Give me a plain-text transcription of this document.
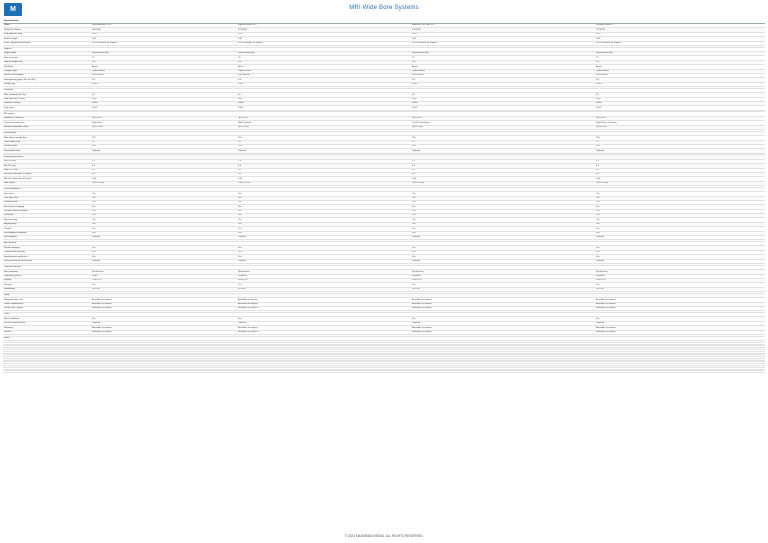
M	MRI Wide Bore Systems
Specifications				
Model	Signa Architect 3.0T	Ingenia Elition 3.0T	MAGNETOM Vida 3.0T	Vantage Galan 3T
510(k) No./Status	K161000	K171904	K162280	K173023
FDA approval date	2016	2017	2016	2017
Field strength	3.0T	3.0T	3.0T	3.0T
Initial Suggested retail price	Price available on request	Price available on request	Price available on request	Price available on request

Magnet				
Magnet type	Superconducting	Superconducting	Superconducting	Superconducting
Bore size (cm)	70	70	70	71
Magnet length (cm)	178	162	163	157
Shielding	Active	Active	Active	Active
Cryogen type	Liquid helium	Liquid helium	Liquid helium	Liquid helium
Helium consumption	Zero boil-off	Zero boil-off	Zero boil-off	Zero boil-off
Homogeneity (ppm, 40 cm DSV)	0.5	0.5	0.5	0.5
Weight (kg)	6,600	5,100	6,360	5,600

Gradients				
Max amplitude (mT/m)	50	45	60	45
Max slew rate (T/m/s)	200	200	200	200
Gradient cooling	Water	Water	Water	Water
Duty cycle	100%	100%	100%	100%

RF system				
Number of channels	Up to 128	Up to 128	Up to 128	Up to 128
Transmit architecture	Multi-drive	MultiTransmit	TimTX TrueShape	Multi-Phase Transmit
Receive bandwidth (kHz)	Up to 1000	Up to 1000	Up to 1000	Up to 1000

Patient table				
Max patient weight (kg)	227	250	250	250
Table width (cm)	75	70	70	72
Vertical travel	Yes	Yes	Yes	Yes
Removable table	Optional	Optional	Optional	Optional

Imaging parameters				
Min TR (ms)	1.3	1.4	1.3	1.5
Min TE (ms)	0.4	0.5	0.4	0.6
Max FOV (cm)	50	55	50	50
Min slice thickness 2D (mm)	0.1	0.1	0.1	0.1
Min slice thickness 3D (mm)	0.05	0.05	0.05	0.05
Max matrix	1024 x 1024	1024 x 1024	1024 x 1024	1024 x 1024

Pulse sequences				
Spin echo	Yes	Yes	Yes	Yes
Fast spin echo	Yes	Yes	Yes	Yes
Gradient echo	Yes	Yes	Yes	Yes
Echo planar imaging	Yes	Yes	Yes	Yes
Diffusion tensor imaging	Yes	Yes	Yes	Yes
Perfusion	Yes	Yes	Yes	Yes
Spectroscopy	Yes	Yes	Yes	Yes
Angiography	Yes	Yes	Yes	Yes
Cardiac	Yes	Yes	Yes	Yes
Susceptibility weighted	Yes	Yes	Yes	Yes
Elastography	Optional	Optional	Optional	Optional

Acceleration				
Parallel imaging	Yes	Yes	Yes	Yes
Compressed sensing	Yes	Yes	Yes	Yes
Simultaneous multi-slice	Yes	Yes	Yes	Yes
Deep learning reconstruction	Optional	Optional	Optional	Optional

Operator console				
Host computer	Workstation	Workstation	Workstation	Workstation
Operating system	Linux	Windows	Windows	Windows
Display	24 in LCD	24 in LCD	24 in LCD	24 in LCD
Storage	Yes	Yes	Yes	Yes
Networking	DICOM	DICOM	DICOM	DICOM

Siting				
Minimum room size	Available on request	Available on request	Available on request	Available on request
Power requirements	Available on request	Available on request	Available on request	Available on request
Fringe field 5 gauss	Available on request	Available on request	Available on request	Available on request

Other				
Noise reduction	Yes	Yes	Yes	Yes
In-bore entertainment	Optional	Optional	Optional	Optional
Warranty	Available on request	Available on request	Available on request	Available on request
Service	Available on request	Available on request	Available on request	Available on request

Notes				

© 2023 MAGMEDIA MEDIA. ALL RIGHTS RESERVED.
